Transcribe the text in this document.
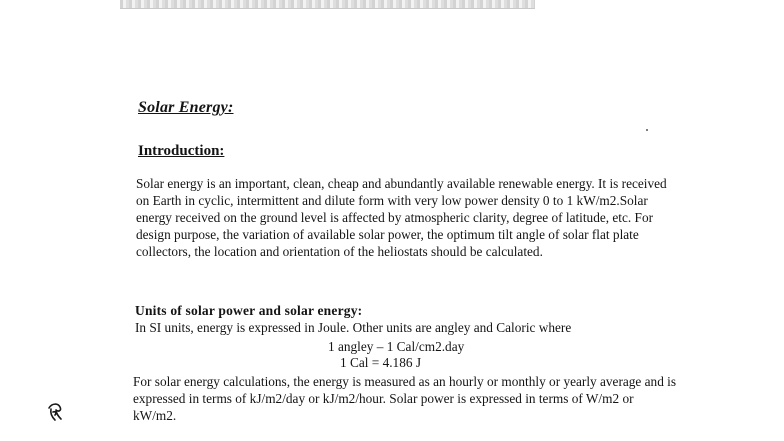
Solar Energy:
Introduction:

Solar energy is an important, clean, cheap and abundantly available renewable energy. It is received on Earth in cyclic, intermittent and dilute form with very low power density 0 to 1 kW/m2.Solar energy received on the ground level is affected by atmospheric clarity, degree of latitude, etc. For design purpose, the variation of available solar power, the optimum tilt angle of solar flat plate collectors, the location and orientation of the heliostats should be calculated.

Units of solar power and solar energy:
In SI units, energy is expressed in Joule. Other units are angley and Caloric where
1 angley – 1 Cal/cm2.day
1 Cal = 4.186 J

For solar energy calculations, the energy is measured as an hourly or monthly or yearly average and is expressed in terms of kJ/m2/day or kJ/m2/hour. Solar power is expressed in terms of W/m2 or kW/m2.
